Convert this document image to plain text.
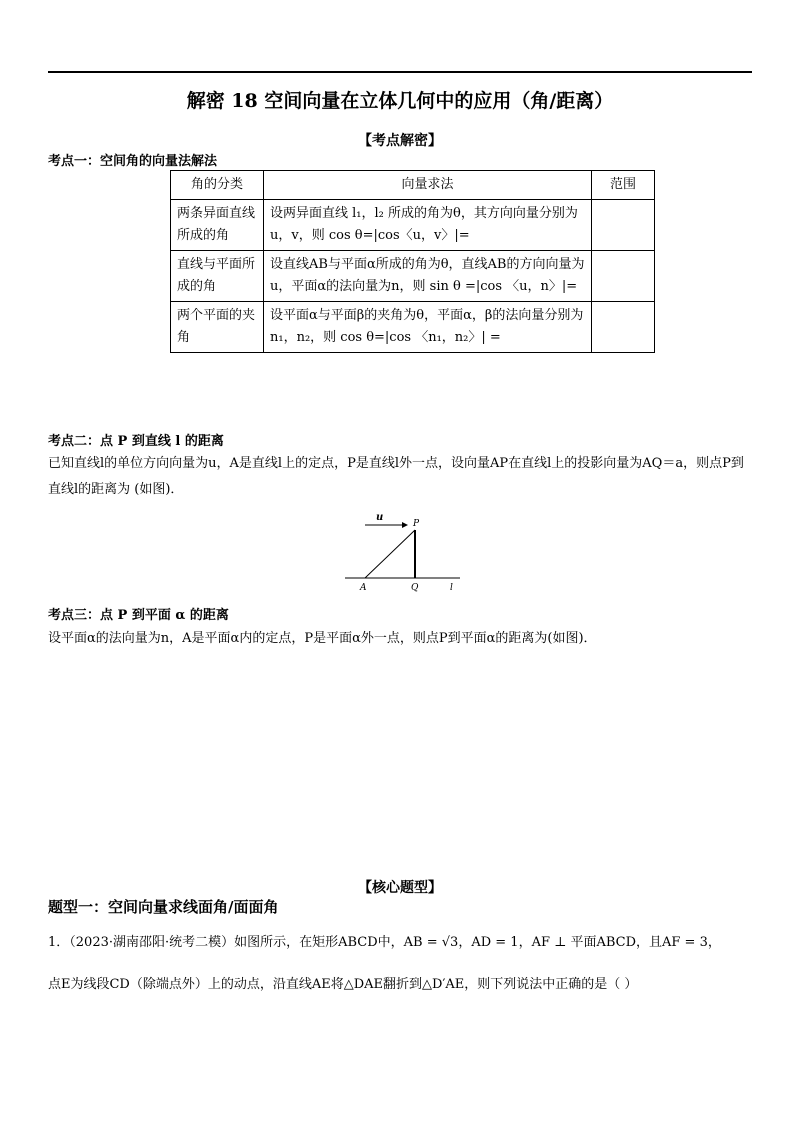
解密 18 空间向量在立体几何中的应用（角/距离）
【考点解密】
考点一：空间角的向量法解法
角的分类	向量求法	范围
两条异面直线所成的角	设两异面直线 l₁，l₂ 所成的角为θ，其方向向量分别为u，v，则 cos θ=|cos〈u，v〉|=	
直线与平面所成的角	设直线AB与平面α所成的角为θ，直线AB的方向向量为u，平面α的法向量为n，则 sin θ =|cos 〈u，n〉|=	
两个平面的夹角	设平面α与平面β的夹角为θ，平面α，β的法向量分别为n₁，n₂，则 cos θ=|cos 〈n₁，n₂〉| =	
考点二：点 P 到直线 l 的距离
已知直线l的单位方向向量为u，A是直线l上的定点，P是直线l外一点，设向量AP在直线l上的投影向量为AQ＝a，则点P到直线l的距离为 (如图)．
u
P
A	Q	l
考点三：点 P 到平面 α 的距离
设平面α的法向量为n，A是平面α内的定点，P是平面α外一点，则点P到平面α的距离为(如图)．
【核心题型】
题型一：空间向量求线面角/面面角
1．（2023·湖南邵阳·统考二模）如图所示，在矩形ABCD中，AB = √3，AD = 1，AF ⊥ 平面ABCD，且AF = 3，
点E为线段CD（除端点外）上的动点，沿直线AE将△DAE翻折到△D′AE，则下列说法中正确的是（ ）
